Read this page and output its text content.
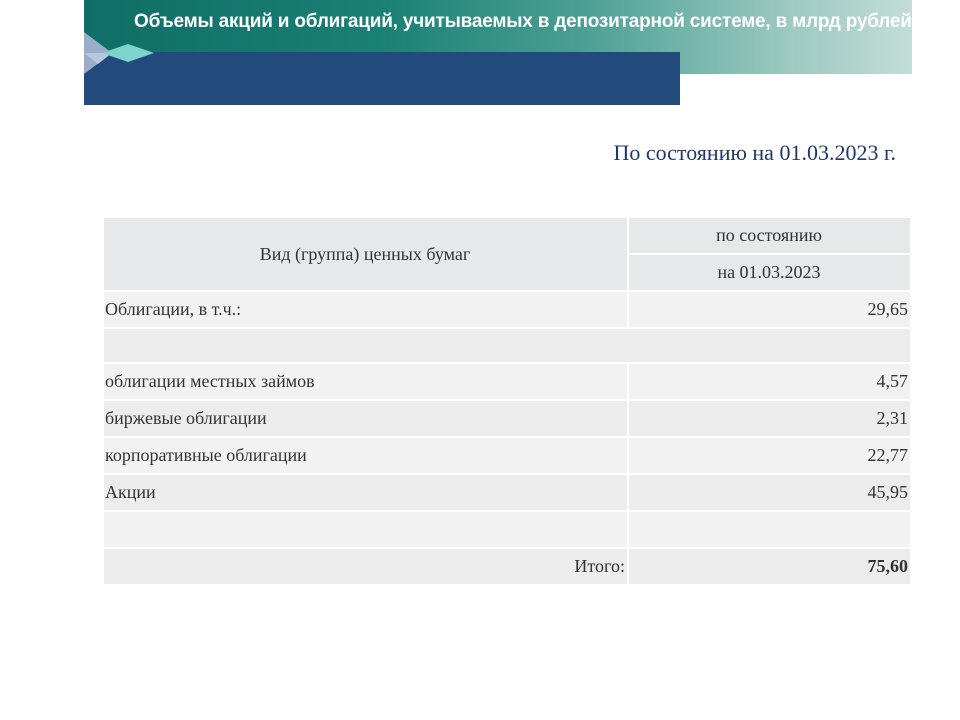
Объемы акций и облигаций, учитываемых в депозитарной системе, в млрд рублей
По состоянию на 01.03.2023 г.
Вид (группа) ценных бумаг	по состоянию
	на 01.03.2023
Облигации, в т.ч.:	29,65

облигации местных займов	4,57
биржевые облигации	2,31
корпоративные облигации	22,77
Акции	45,95

Итого:	75,60
